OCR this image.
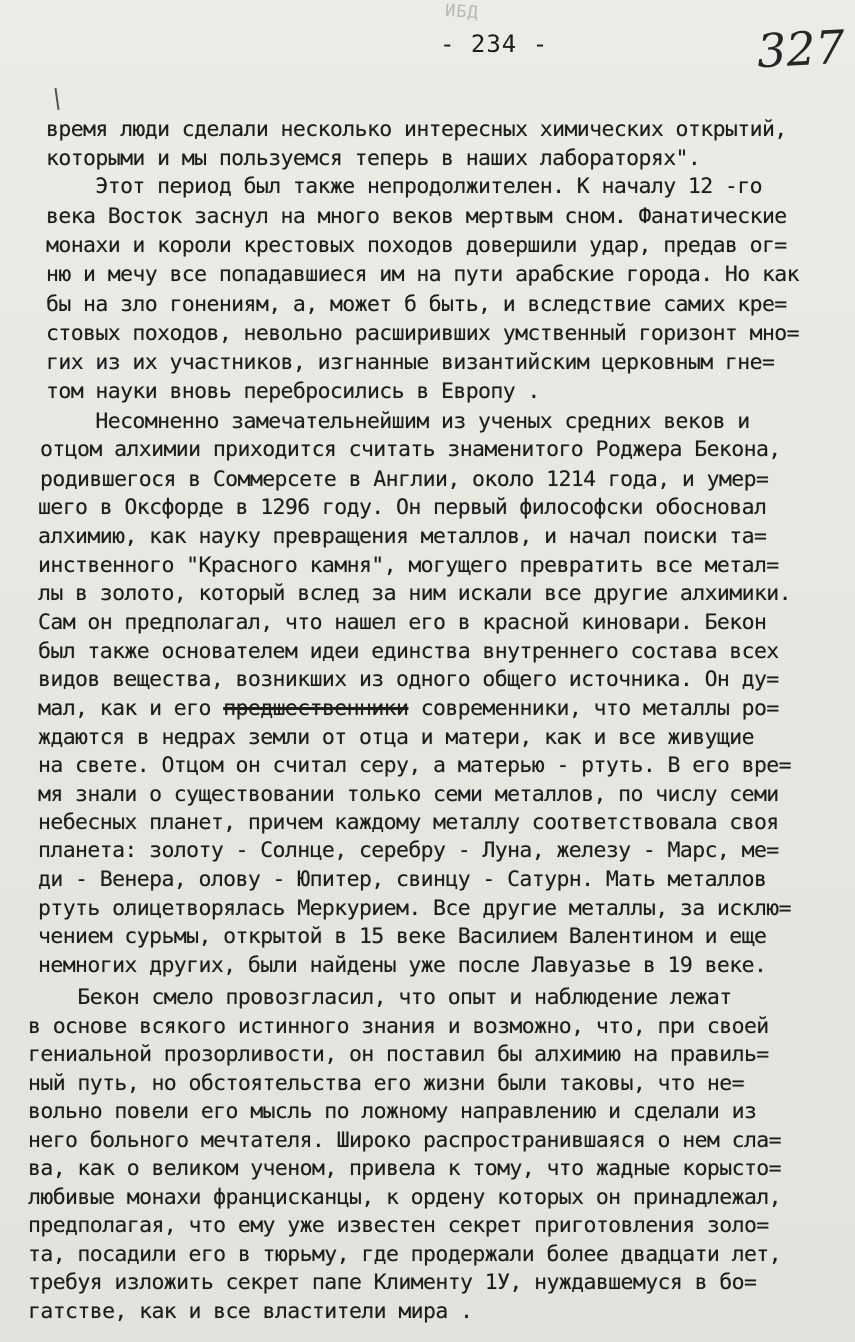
ИБД
- 234 -	327
время люди сделали несколько интересных химических открытий,
которыми и мы пользуемся теперь в наших лабораторях".
Этот период был также непродолжителен. К началу 12 -го
века Восток заснул на много веков мертвым сном. Фанатические
монахи и короли крестовых походов довершили удар, предав ог=
ню и мечу все попадавшиеся им на пути арабские города. Но как
бы на зло гонениям, а, может б быть, и вследствие самих кре=
стовых походов, невольно расширивших умственный горизонт мно=
гих из их участников, изгнанные византийским церковным гне=
том науки вновь перебросились в Европу .
Несомненно замечательнейшим из ученых средних веков и
отцом алхимии приходится считать знаменитого Роджера Бекона,
родившегося в Соммерсете в Англии, около 1214 года, и умер=
шего в Оксфорде в 1296 году. Он первый философски обосновал
алхимию, как науку превращения металлов, и начал поиски та=
инственного "Красного камня", могущего превратить все метал=
лы в золото, который вслед за ним искали все другие алхимики.
Сам он предполагал, что нашел его в красной киновари. Бекон
был также основателем идеи единства внутреннего состава всех
видов вещества, возникших из одного общего источника. Он ду=
мал, как и его предшественники современники, что металлы ро=
ждаются в недрах земли от отца и матери, как и все живущие
на свете. Отцом он считал серу, а матерью - ртуть. В его вре=
мя знали о существовании только семи металлов, по числу семи
небесных планет, причем каждому металлу соответствовала своя
планета: золоту - Солнце, серебру - Луна, железу - Марс, ме=
ди - Венера, олову - Юпитер, свинцу - Сатурн. Мать металлов
ртуть олицетворялась Меркурием. Все другие металлы, за исклю=
чением сурьмы, открытой в 15 веке Василием Валентином и еще
немногих других, были найдены уже после Лавуазье в 19 веке.
Бекон смело провозгласил, что опыт и наблюдение лежат
в основе всякого истинного знания и возможно, что, при своей
гениальной прозорливости, он поставил бы алхимию на правиль=
ный путь, но обстоятельства его жизни были таковы, что не=
вольно повели его мысль по ложному направлению и сделали из
него больного мечтателя. Широко распространившаяся о нем сла=
ва, как о великом ученом, привела к тому, что жадные корысто=
любивые монахи францисканцы, к ордену которых он принадлежал,
предполагая, что ему уже известен секрет приготовления золо=
та, посадили его в тюрьму, где продержали более двадцати лет,
требуя изложить секрет папе Клименту 1У, нуждавшемуся в бо=
гатстве, как и все властители мира .
